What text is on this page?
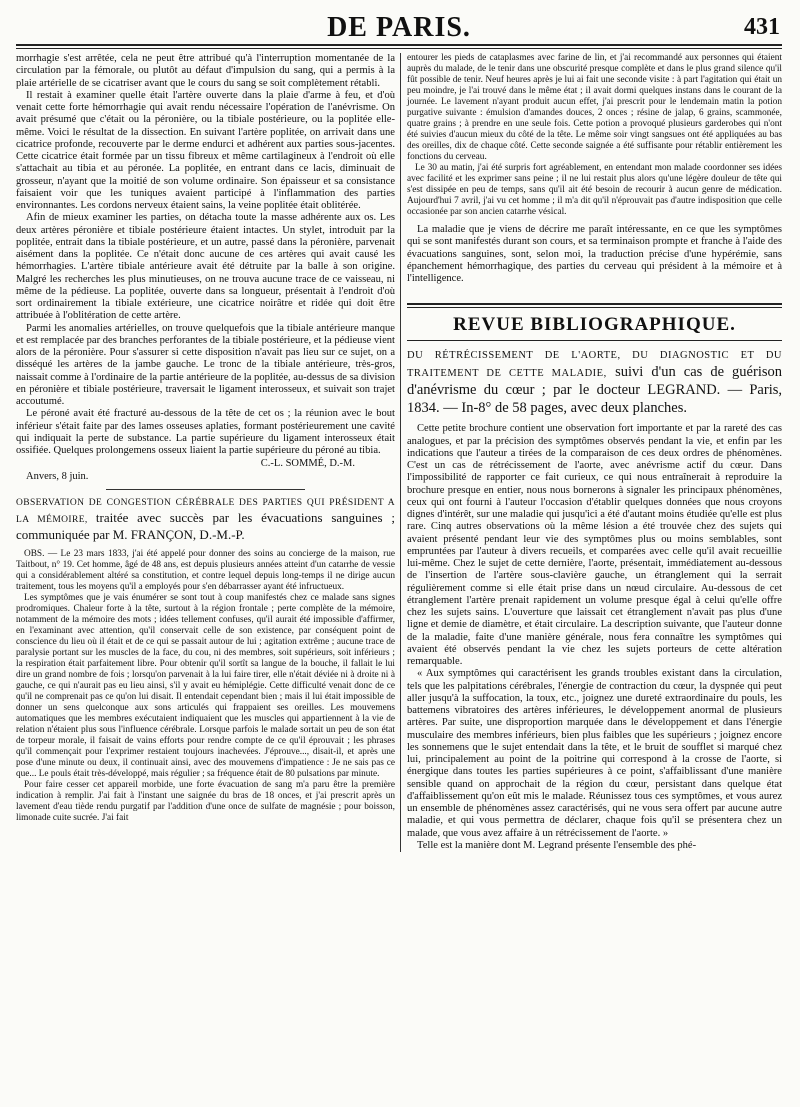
DE PARIS.	431

morrhagie s'est arrêtée, cela ne peut être attribué qu'à l'interruption momentanée de la circulation par la fémorale, ou plutôt au défaut d'impulsion du sang, qui a permis à la plaie artérielle de se cicatriser avant que le cours du sang se soit complètement rétabli.

Il restait à examiner quelle était l'artère ouverte dans la plaie d'arme à feu, et d'où venait cette forte hémorrhagie qui avait rendu nécessaire l'opération de l'anévrisme. On avait présumé que c'était ou la péronière, ou la tibiale postérieure, ou la poplitée elle-même. Voici le résultat de la dissection. En suivant l'artère poplitée, on arrivait dans une cicatrice profonde, recouverte par le derme endurci et adhérent aux parties sous-jacentes. Cette cicatrice était formée par un tissu fibreux et même cartilagineux à l'endroit où elle s'attachait au tibia et au péronée. La poplitée, en entrant dans ce lacis, diminuait de grosseur, n'ayant que la moitié de son volume ordinaire. Son épaisseur et sa consistance faisaient voir que les tuniques avaient participé à l'inflammation des parties environnantes. Les cordons nerveux étaient sains, la veine poplitée était oblitérée.

Afin de mieux examiner les parties, on détacha toute la masse adhérente aux os. Les deux artères péronière et tibiale postérieure étaient intactes. Un stylet, introduit par la poplitée, entrait dans la tibiale postérieure, et un autre, passé dans la péronière, parvenait aisément dans la poplitée. Ce n'était donc aucune de ces artères qui avait causé les hémorrhagies. L'artère tibiale antérieure avait été détruite par la balle à son origine. Malgré les recherches les plus minutieuses, on ne trouva aucune trace de ce vaisseau, ni même de la pédieuse. La poplitée, ouverte dans sa longueur, présentait à l'endroit d'où sort ordinairement la tibiale extérieure, une cicatrice noirâtre et ridée qui doit être attribuée à l'oblitération de cette artère.

Parmi les anomalies artérielles, on trouve quelquefois que la tibiale antérieure manque et est remplacée par des branches perforantes de la tibiale postérieure, et la pédieuse vient alors de la péronière. Pour s'assurer si cette disposition n'avait pas lieu sur ce sujet, on a disséqué les artères de la jambe gauche. Le tronc de la tibiale antérieure, très-gros, naissait comme à l'ordinaire de la partie antérieure de la poplitée, au-dessus de sa division en péronière et tibiale postérieure, traversait le ligament interosseux, et suivait son trajet accoutumé.

Le péroné avait été fracturé au-dessous de la tête de cet os ; la réunion avec le bout inférieur s'était faite par des lames osseuses aplaties, formant postérieurement une cavité qui indiquait la perte de substance. La partie supérieure du ligament interosseux était ossifiée. Quelques prolongemens osseux liaient la partie supérieure du péroné au tibia.

C.-L. SOMMÉ, D.-M.
Anvers, 8 juin.

OBSERVATION DE CONGESTION CÉRÉBRALE DES PARTIES QUI PRÉSIDENT A LA MÉMOIRE, traitée avec succès par les évacuations sanguines ; communiquée par M. FRANÇON, D.-M.-P.

OBS. — Le 23 mars 1833, j'ai été appelé pour donner des soins au concierge de la maison, rue Taitbout, n° 19. Cet homme, âgé de 48 ans, est depuis plusieurs années atteint d'un catarrhe de vessie qui a considérablement altéré sa constitution, et contre lequel depuis long-temps il ne dirige aucun traitement, tous les moyens qu'il a employés pour s'en débarrasser ayant été infructueux.

Les symptômes que je vais énumérer se sont tout à coup manifestés chez ce malade sans signes prodromiques. Chaleur forte à la tête, surtout à la région frontale ; perte complète de la mémoire, notamment de la mémoire des mots ; idées tellement confuses, qu'il aurait été impossible d'affirmer, en l'examinant avec attention, qu'il conservait celle de son existence, par conséquent point de conscience du lieu où il était et de ce qui se passait autour de lui ; agitation extrême ; aucune trace de paralysie portant sur les muscles de la face, du cou, ni des membres, soit supérieurs, soit inférieurs ; la respiration était parfaitement libre. Pour obtenir qu'il sortît sa langue de la bouche, il fallait le lui dire un grand nombre de fois ; lorsqu'on parvenait à la lui faire tirer, elle n'était déviée ni à droite ni à gauche, ce qui n'aurait pas eu lieu ainsi, s'il y avait eu hémiplégie. Cette difficulté venait donc de ce qu'il ne comprenait pas ce qu'on lui disait. Il entendait cependant bien ; mais il lui était impossible de donner un sens quelconque aux sons articulés qui frappaient ses oreilles. Les mouvemens automatiques que les membres exécutaient indiquaient que les muscles qui appartiennent à la vie de relation n'étaient plus sous l'influence cérébrale. Lorsque parfois le malade sortait un peu de son état de torpeur morale, il faisait de vains efforts pour rendre compte de ce qu'il éprouvait ; les phrases qu'il commençait pour l'exprimer restaient toujours inachevées. J'éprouve..., disait-il, et après une pose d'une minute ou deux, il continuait ainsi, avec des mouvemens d'impatience : Je ne sais pas ce que... Le pouls était très-développé, mais régulier ; sa fréquence était de 80 pulsations par minute.

Pour faire cesser cet appareil morbide, une forte évacuation de sang m'a paru être la première indication à remplir. J'ai fait à l'instant une saignée du bras de 18 onces, et j'ai prescrit après un lavement d'eau tiède rendu purgatif par l'addition d'une once de sulfate de magnésie ; pour boisson, limonade cuite sucrée. J'ai fait

entourer les pieds de cataplasmes avec farine de lin, et j'ai recommandé aux personnes qui étaient auprès du malade, de le tenir dans une obscurité presque complète et dans le plus grand silence qu'il fût possible de tenir. Neuf heures après je lui ai fait une seconde visite : à part l'agitation qui était un peu moindre, je l'ai trouvé dans le même état ; il avait dormi quelques instans dans le courant de la journée. Le lavement n'ayant produit aucun effet, j'ai prescrit pour le lendemain matin la potion purgative suivante : émulsion d'amandes douces, 2 onces ; résine de jalap, 6 grains, scammonée, quatre grains ; à prendre en une seule fois. Cette potion a provoqué plusieurs garderobes qui n'ont été suivies d'aucun mieux du côté de la tête. Le même soir vingt sangsues ont été appliquées au bas des oreilles, dix de chaque côté. Cette seconde saignée a été suffisante pour rétablir entièrement les fonctions du cerveau.

Le 30 au matin, j'ai été surpris fort agréablement, en entendant mon malade coordonner ses idées avec facilité et les exprimer sans peine ; il ne lui restait plus alors qu'une légère douleur de tête qui s'est dissipée en peu de temps, sans qu'il ait été besoin de recourir à aucun genre de médication. Aujourd'hui 7 avril, j'ai vu cet homme ; il m'a dit qu'il n'éprouvait pas d'autre indisposition que celle occasionée par son ancien catarrhe vésical.

La maladie que je viens de décrire me paraît intéressante, en ce que les symptômes qui se sont manifestés durant son cours, et sa terminaison prompte et franche à l'aide des évacuations sanguines, sont, selon moi, la traduction précise d'une hypérémie, sans épanchement hémorrhagique, des parties du cerveau qui président à la mémoire et à l'intelligence.

REVUE BIBLIOGRAPHIQUE.

DU RÉTRÉCISSEMENT DE L'AORTE, DU DIAGNOSTIC ET DU TRAITEMENT DE CETTE MALADIE, suivi d'un cas de guérison d'anévrisme du cœur ; par le docteur LEGRAND. — Paris, 1834. — In-8° de 58 pages, avec deux planches.

Cette petite brochure contient une observation fort importante et par la rareté des cas analogues, et par la précision des symptômes observés pendant la vie, et enfin par les indications que l'auteur a tirées de la comparaison de ces deux ordres de phénomènes. C'est un cas de rétrécissement de l'aorte, avec anévrisme actif du cœur. Dans l'impossibilité de rapporter ce fait curieux, ce qui nous entraînerait à reproduire la brochure presque en entier, nous nous bornerons à signaler les principaux phénomènes, ceux qui ont fourni à l'auteur l'occasion d'établir quelques données que nous croyons dignes d'intérêt, sur une maladie qui jusqu'ici a été d'autant moins étudiée qu'elle est plus rare. Cinq autres observations où la même lésion a été trouvée chez des sujets qui avaient présenté pendant leur vie des symptômes plus ou moins semblables, sont empruntées par l'auteur à divers recueils, et comparées avec celle qu'il avait recueillie lui-même. Chez le sujet de cette dernière, l'aorte, présentait, immédiatement au-dessous de l'insertion de l'artère sous-clavière gauche, un étranglement qui la serrait régulièrement comme si elle était prise dans un nœud circulaire. Au-dessous de cet étranglement l'artère prenait rapidement un volume presque égal à celui qu'elle offre chez les sujets sains. L'ouverture que laissait cet étranglement n'avait pas plus d'une ligne et demie de diamètre, et était circulaire. La description suivante, que l'auteur donne de la maladie, faite d'une manière générale, nous fera connaître les symptômes qui avaient été observés pendant la vie chez les sujets porteurs de cette altération remarquable.

« Aux symptômes qui caractérisent les grands troubles existant dans la circulation, tels que les palpitations cérébrales, l'énergie de contraction du cœur, la dyspnée qui peut aller jusqu'à la suffocation, la toux, etc., joignez une dureté extraordinaire du pouls, les battemens vibratoires des artères inférieures, le développement anormal de plusieurs artères. Par suite, une disproportion marquée dans le développement et dans l'énergie musculaire des membres inférieurs, bien plus faibles que les supérieurs ; joignez encore les sonnemens que le sujet entendait dans la tête, et le bruit de soufflet si marqué chez lui, principalement au point de la poitrine qui correspond à la crosse de l'aorte, si énergique dans toutes les parties supérieures à ce point, s'affaiblissant d'une manière sensible quand on approchait de la région du cœur, persistant dans quelque état d'affaiblissement qu'on eût mis le malade. Réunissez tous ces symptômes, et vous aurez un ensemble de phénomènes assez caractérisés, qui ne vous sera offert par aucune autre maladie, et qui vous permettra de déclarer, chaque fois qu'il se présentera chez un malade, que vous avez affaire à un rétrécissement de l'aorte. »

Telle est la manière dont M. Legrand présente l'ensemble des phé-
